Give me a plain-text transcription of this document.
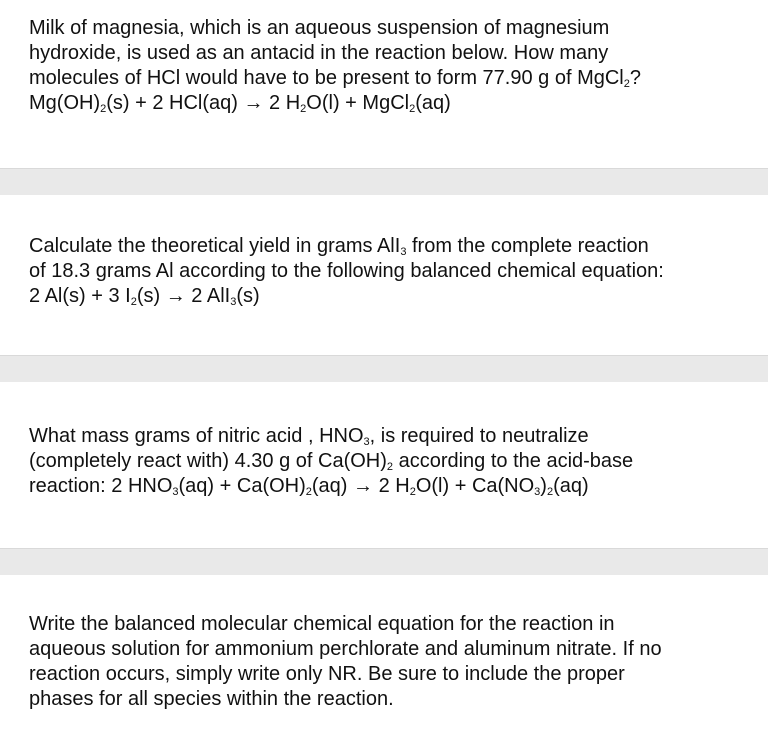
Milk of magnesia, which is an aqueous suspension of magnesium
hydroxide, is used as an antacid in the reaction below. How many
molecules of HCl would have to be present to form 77.90 g of MgCl$_2$?
$Mg(OH)_2(s) + 2$ HCl(aq) → 2 $H_2O(l)$ + MgCl$_2$(aq)
Calculate the theoretical yield in grams AlI$_3$ from the complete reaction
of 18.3 grams Al according to the following balanced chemical equation:
2 Al(s) + 3 $I_2(s) \to 2$ AlI$_3$(s)
What mass grams of nitric acid , $HNO_3$, is required to neutralize
(completely react with) 4.30 g of $Ca(OH)_2$ according to the acid-base
reaction: 2 $HNO_3(aq) + Ca(OH)_2(aq) \to 2$ $H_2O(l) + Ca(NO_3)_2(aq)$
Write the balanced molecular chemical equation for the reaction in
aqueous solution for ammonium perchlorate and aluminum nitrate. If no
reaction occurs, simply write only NR. Be sure to include the proper
phases for all species within the reaction.
